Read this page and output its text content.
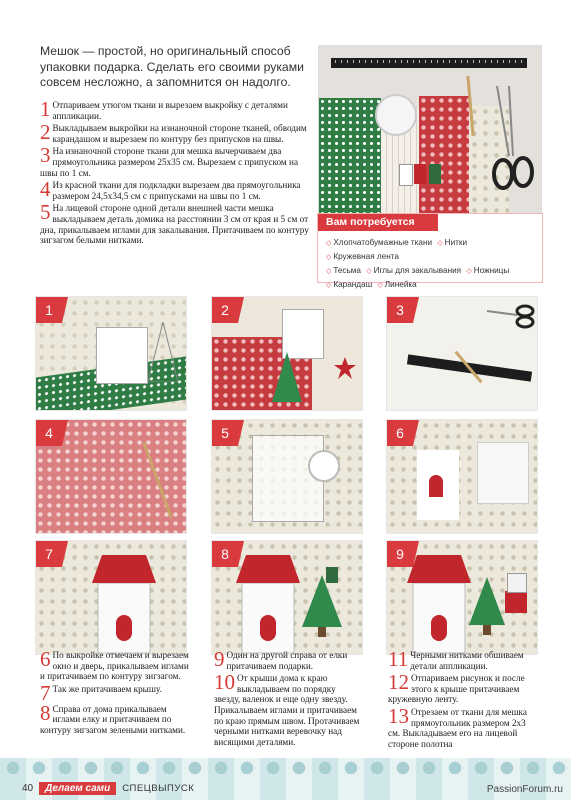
Мешок — простой, но оригинальный способ
упаковки подарка. Сделать его своими руками
совсем несложно, а запомнится он надолго.
1 Отпариваем утюгом ткани и вырезаем выкройку с деталями аппликации.
2 Выкладываем выкройки на изнаночной стороне тканей, обводим карандашом и вырезаем по контуру без припусков на швы.
3 На изнаночной стороне ткани для мешка вычерчиваем два прямоугольника размером 25х35 см. Вырезаем с припуском на швы по 1 см.
4 Из красной ткани для подкладки вырезаем два прямоугольника размером 24,5х34,5 см с припусками на швы по 1 см.
5 На лицевой стороне одной детали внешней части мешка выкладываем деталь домика на расстоянии 3 см от края и 5 см от дна, прикалываем иглами для закалывания. Притачиваем по контуру зигзагом белыми нитками.
Вам потребуется
◇ Хлопчатобумажные ткани ◇ Нитки ◇ Кружевная лента
◇ Тесьма ◇ Иглы для закалывания ◇ Ножницы
◇ Карандаш ◇ Линейка
1	2	3
4	5	6
7	8	9
6 По выкройке отмечаем и вырезаем окно и дверь, прикалываем иглами и притачиваем по контуру зигзагом.
7 Так же притачиваем крышу.
8 Справа от дома прикалываем иглами елку и притачиваем по контуру зигзагом зелеными нитками.
9 Один на другой справа от елки притачиваем подарки.
10 От крыши дома к краю выкладываем по порядку звезду, валенок и еще одну звезду. Прикалываем иглами и притачиваем по краю прямым швом. Протачиваем черными нитками веревочку над висящими деталями.
11 Черными нитками обшиваем детали аппликации.
12 Отпариваем рисунок и после этого к крыше притачиваем кружевную ленту.
13 Отрезаем от ткани для мешка прямоугольник размером 2х3 см. Выкладываем его на лицевой стороне полотна
40	Делаем сами	СПЕЦВЫПУСК	PassionForum.ru
